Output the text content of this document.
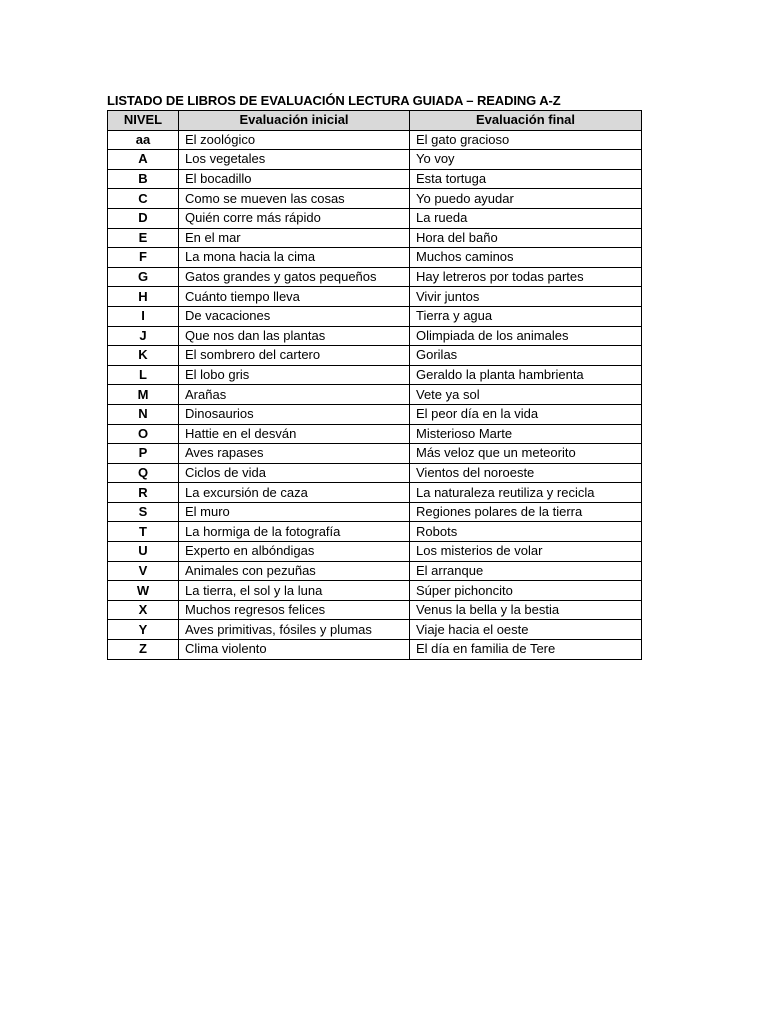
LISTADO DE LIBROS DE EVALUACIÓN LECTURA GUIADA – READING A-Z
NIVEL	Evaluación inicial	Evaluación final
aa	El zoológico	El gato gracioso
A	Los vegetales	Yo voy
B	El bocadillo	Esta tortuga
C	Como se mueven las cosas	Yo puedo ayudar
D	Quién corre más rápido	La rueda
E	En el mar	Hora del baño
F	La mona hacia la cima	Muchos caminos
G	Gatos grandes y gatos pequeños	Hay letreros por todas partes
H	Cuánto tiempo lleva	Vivir juntos
I	De vacaciones	Tierra y agua
J	Que nos dan las plantas	Olimpiada de los animales
K	El sombrero del cartero	Gorilas
L	El lobo gris	Geraldo la planta hambrienta
M	Arañas	Vete ya sol
N	Dinosaurios	El peor día en la vida
O	Hattie en el desván	Misterioso Marte
P	Aves rapases	Más veloz que un meteorito
Q	Ciclos de vida	Vientos del noroeste
R	La excursión de caza	La naturaleza reutiliza y recicla
S	El muro	Regiones polares de la tierra
T	La hormiga de la fotografía	Robots
U	Experto en albóndigas	Los misterios de volar
V	Animales con pezuñas	El arranque
W	La tierra, el sol y la luna	Súper pichoncito
X	Muchos regresos felices	Venus la bella y la bestia
Y	Aves primitivas, fósiles y plumas	Viaje hacia el oeste
Z	Clima violento	El día en familia de Tere
